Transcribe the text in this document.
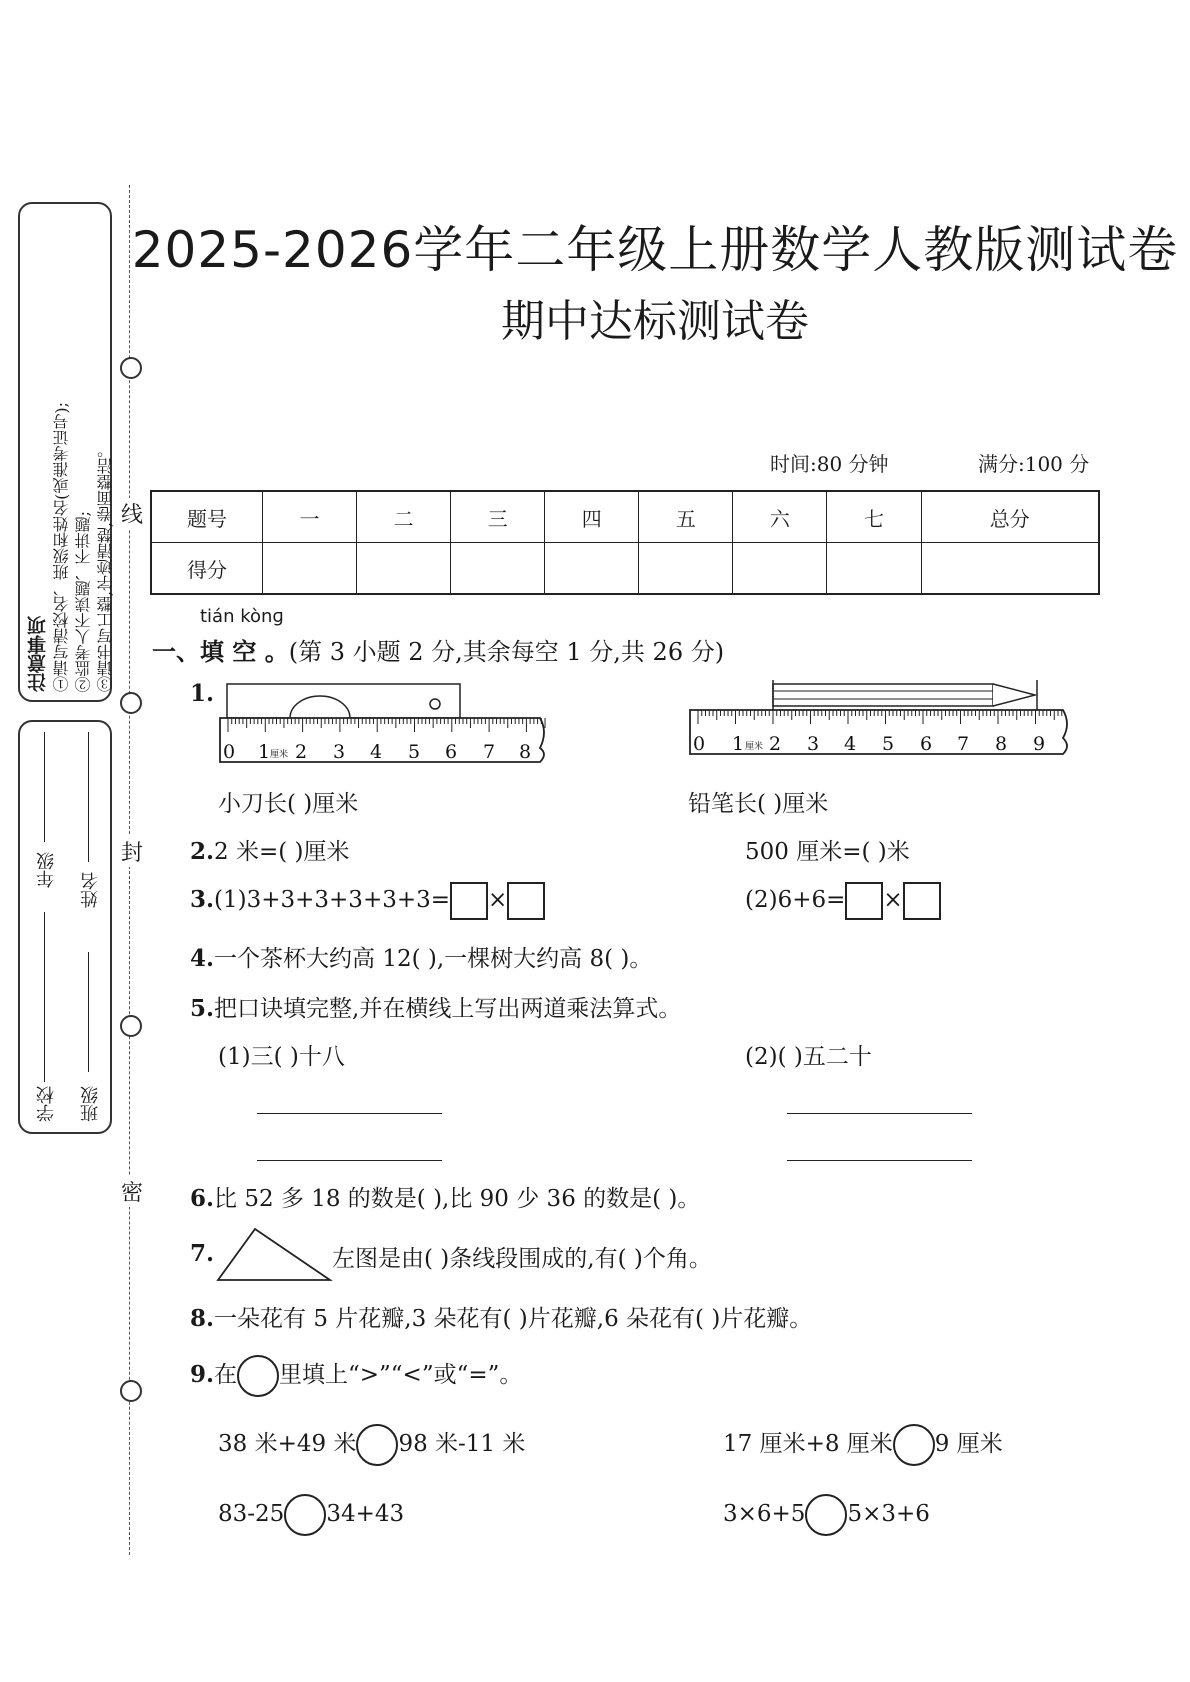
线
封
密
注意事项 ①请写清校名、班级和姓名(或准考证号); ②监考人不读题、不讲题; ③请书写工整,字迹清楚,卷面整洁。
学校
年级
班级
姓名
2025-2026学年二年级上册数学人教版测试卷
期中达标测试卷
时间:80 分钟	满分:100 分
题号	一	二	三	四	五	六	七	总分
得分								
tián kònɡ
一、填 空 。(第 3 小题 2 分,其余每空 1 分,共 26 分)
1.
0 1 2 3 4 5 6 7 8
厘米	0 1 2 3 4 5 6 7 8 9
厘米
小刀长( )厘米	铅笔长( )厘米
2.2 米=( )厘米	500 厘米=( )米
3.(1)3+3+3+3+3+3= ×	(2)6+6= ×
4.一个茶杯大约高 12( ),一棵树大约高 8( )。
5.把口诀填完整,并在横线上写出两道乘法算式。
(1)三( )十八	(2)( )五二十
6.比 52 多 18 的数是( ),比 90 少 36 的数是( )。
7.	左图是由( )条线段围成的,有( )个角。
8.一朵花有 5 片花瓣,3 朵花有( )片花瓣,6 朵花有( )片花瓣。
9.在 里填上“>”“<”或“=”。
38 米+49 米 98 米-11 米	17 厘米+8 厘米 9 厘米
83-25 34+43	3×6+5 5×3+6
